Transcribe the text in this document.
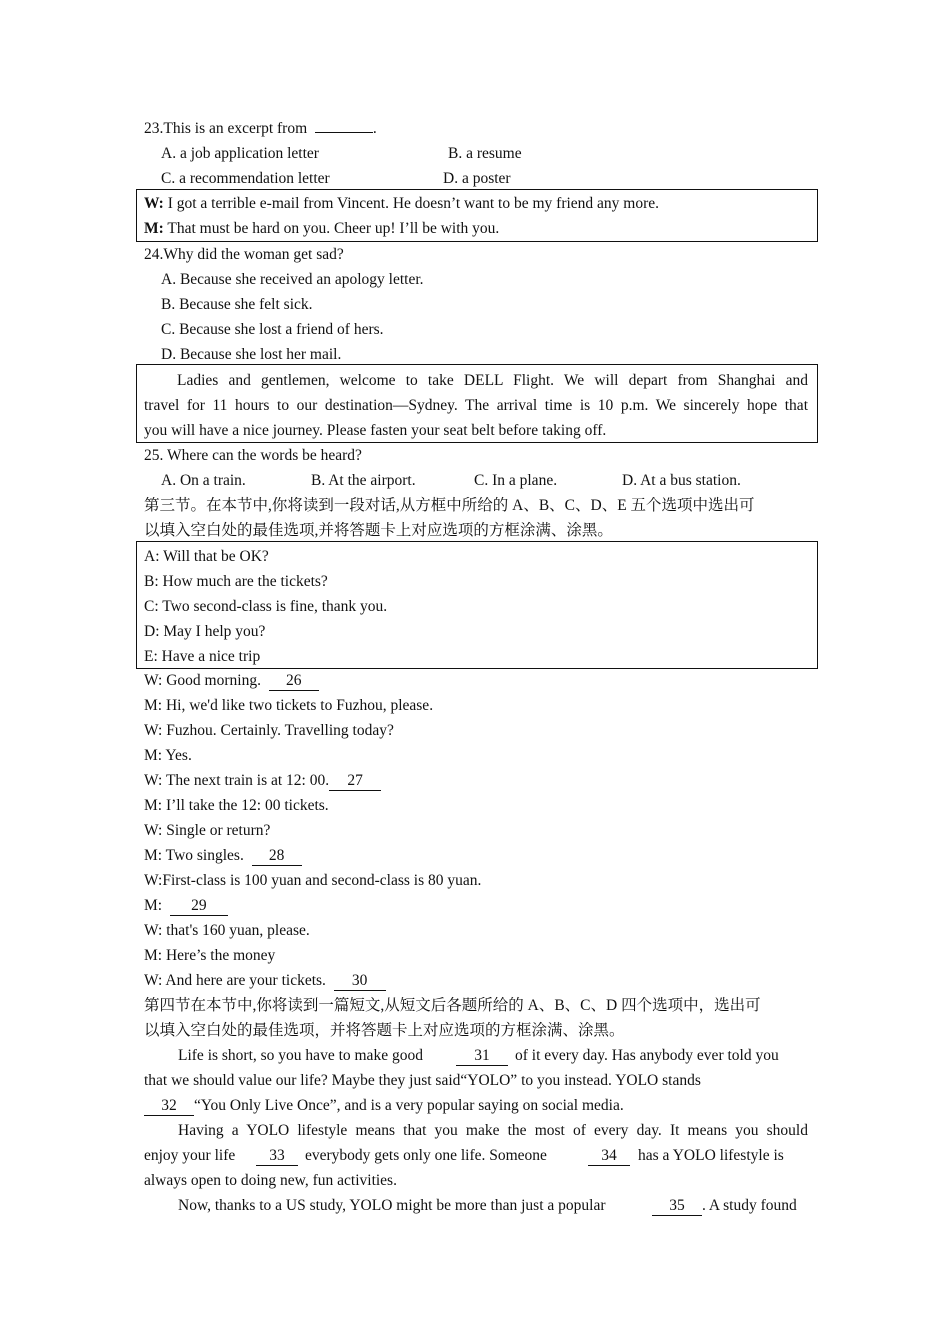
23.This is an excerpt from	.
A. a job application letter	B. a resume
C. a recommendation letter	D. a poster
W: I got a terrible e-mail from Vincent. He doesn’t want to be my friend any more.
M: That must be hard on you. Cheer up! I’ll be with you.
24.Why did the woman get sad?
A. Because she received an apology letter.
B. Because she felt sick.
C. Because she lost a friend of hers.
D. Because she lost her mail.
Ladies and gentlemen, welcome to take DELL Flight. We will depart from Shanghai and
travel for 11 hours to our destination—Sydney. The arrival time is 10 p.m. We sincerely hope that
you will have a nice journey. Please fasten your seat belt before taking off.
25. Where can the words be heard?
A. On a train.	B. At the airport.	C. In a plane.	D. At a bus station.
第三节。在本节中,你将读到一段对话,从方框中所给的 A、B、C、D、E 五个选项中选出可
以填入空白处的最佳选项,并将答题卡上对应选项的方框涂满、涂黑。
A: Will that be OK?
B: How much are the tickets?
C: Two second-class is fine, thank you.
D: May I help you?
E: Have a nice trip
W: Good morning. 26
M: Hi, we'd like two tickets to Fuzhou, please.
W: Fuzhou. Certainly. Travelling today?
M: Yes.
W: The next train is at 12: 00. 27
M: I’ll take the 12: 00 tickets.
W: Single or return?
M: Two singles. 28
W:First-class is 100 yuan and second-class is 80 yuan.
M: 29
W: that's 160 yuan, please.
M: Here’s the money
W: And here are your tickets. 30
第四节在本节中,你将读到一篇短文,从短文后各题所给的 A、B、C、D 四个选项中，选出可
以填入空白处的最佳选项，并将答题卡上对应选项的方框涂满、涂黑。
Life is short, so you have to make good	31	of it every day. Has anybody ever told you
that we should value our life? Maybe they just said“YOLO” to you instead. YOLO stands
32 “You Only Live Once”, and is a very popular saying on social media.
Having a YOLO lifestyle means that you make the most of every day. It means you should
enjoy your life	33	everybody gets only one life. Someone	34	has a YOLO lifestyle is
always open to doing new, fun activities.
Now, thanks to a US study, YOLO might be more than just a popular	35	. A study found
